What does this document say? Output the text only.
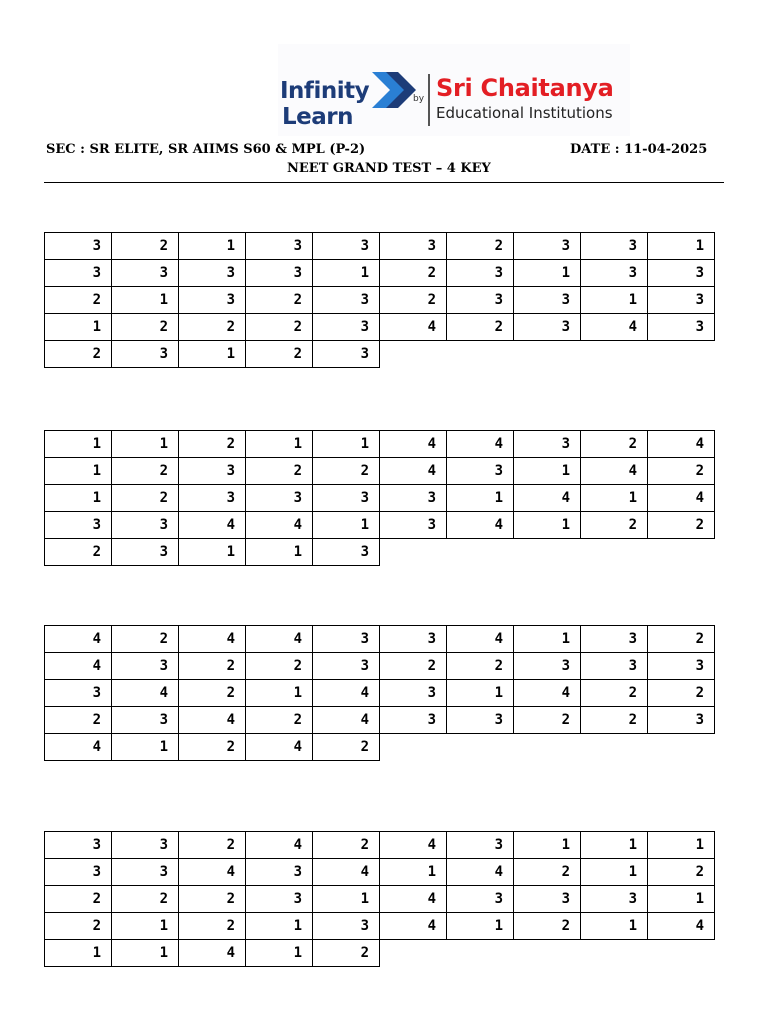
Infinity
Learn
by Sri Chaitanya
Educational Institutions
SEC : SR ELITE, SR AIIMS S60 & MPL (P-2)	DATE : 11-04-2025
NEET GRAND TEST – 4 KEY
3	2	1	3	3	3	2	3	3	1
3	3	3	3	1	2	3	1	3	3
2	1	3	2	3	2	3	3	1	3
1	2	2	2	3	4	2	3	4	3
2	3	1	2	3					
1	1	2	1	1	4	4	3	2	4
1	2	3	2	2	4	3	1	4	2
1	2	3	3	3	3	1	4	1	4
3	3	4	4	1	3	4	1	2	2
2	3	1	1	3					
4	2	4	4	3	3	4	1	3	2
4	3	2	2	3	2	2	3	3	3
3	4	2	1	4	3	1	4	2	2
2	3	4	2	4	3	3	2	2	3
4	1	2	4	2					
3	3	2	4	2	4	3	1	1	1
3	3	4	3	4	1	4	2	1	2
2	2	2	3	1	4	3	3	3	1
2	1	2	1	3	4	1	2	1	4
1	1	4	1	2					
